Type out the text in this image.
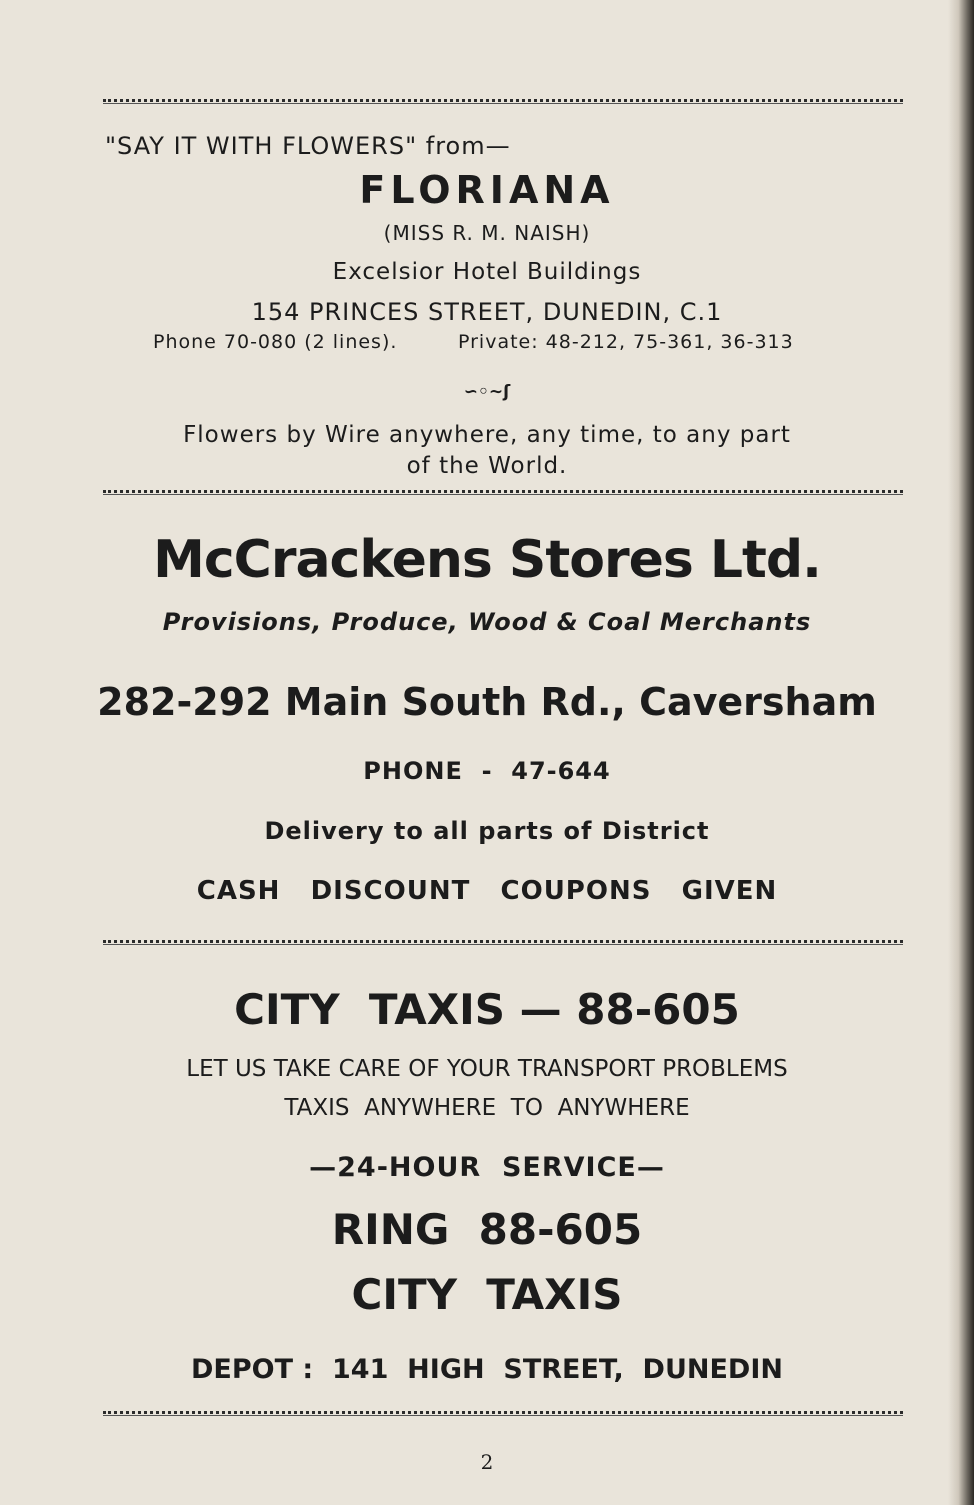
"SAY IT WITH FLOWERS" from—
FLORIANA
(MISS R. M. NAISH)
Excelsior Hotel Buildings
154 PRINCES STREET, DUNEDIN, C.1
Phone 70-080 (2 lines).	Private: 48-212, 75-361, 36-313
∽◦∼ʃ
Flowers by Wire anywhere, any time, to any part
of the World.
McCrackens Stores Ltd.
Provisions, Produce, Wood & Coal Merchants
282-292 Main South Rd., Caversham
PHONE  -  47-644
Delivery to all parts of District
CASH   DISCOUNT   COUPONS   GIVEN
CITY  TAXIS — 88-605
LET US TAKE CARE OF YOUR TRANSPORT PROBLEMS
TAXIS  ANYWHERE  TO  ANYWHERE
—24-HOUR  SERVICE—
RING  88-605
CITY  TAXIS
DEPOT :  141  HIGH  STREET,  DUNEDIN
2
